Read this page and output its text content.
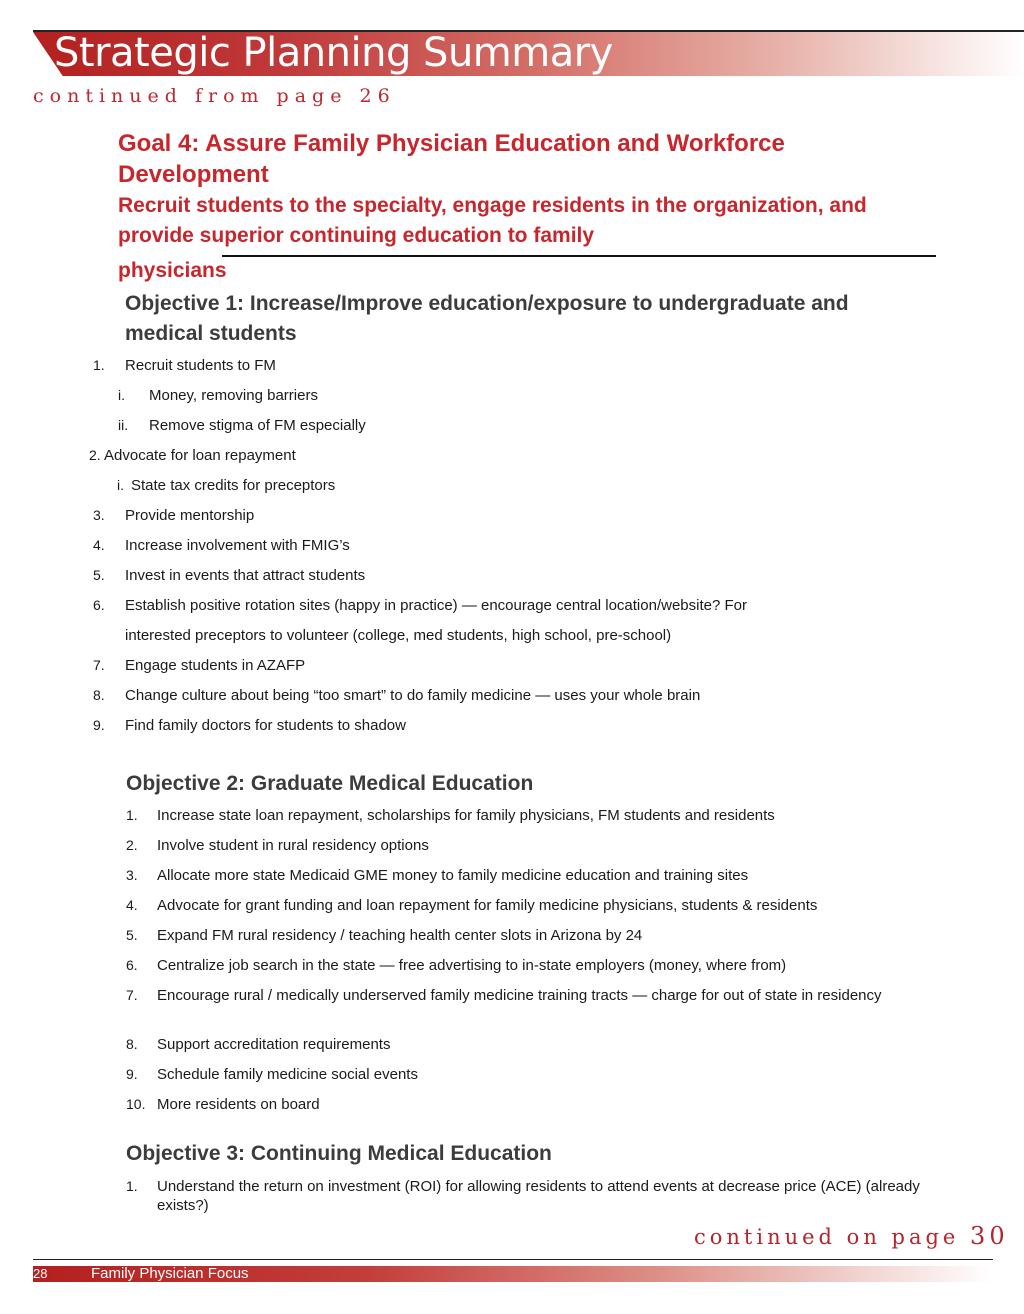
Strategic Planning Summary
continued from page 26
Goal 4: Assure Family Physician Education and Workforce Development
Recruit students to the specialty, engage residents in the organization, and provide superior continuing education to family
physicians
Objective 1: Increase/Improve education/exposure to undergraduate and medical students
1. Recruit students to FM
i. Money, removing barriers
ii. Remove stigma of FM especially
2. Advocate for loan repayment
i. State tax credits for preceptors
3. Provide mentorship
4. Increase involvement with FMIG’s
5. Invest in events that attract students
6. Establish positive rotation sites (happy in practice) — encourage central location/website? For
interested preceptors to volunteer (college, med students, high school, pre-school)
7. Engage students in AZAFP
8. Change culture about being “too smart” to do family medicine — uses your whole brain
9. Find family doctors for students to shadow
Objective 2: Graduate Medical Education
1. Increase state loan repayment, scholarships for family physicians, FM students and residents
2. Involve student in rural residency options
3. Allocate more state Medicaid GME money to family medicine education and training sites
4. Advocate for grant funding and loan repayment for family medicine physicians, students & residents
5. Expand FM rural residency / teaching health center slots in Arizona by 24
6. Centralize job search in the state — free advertising to in-state employers (money, where from)
7. Encourage rural / medically underserved family medicine training tracts — charge for out of state in residency
8. Support accreditation requirements
9. Schedule family medicine social events
10. More residents on board
Objective 3: Continuing Medical Education
1. Understand the return on investment (ROI) for allowing residents to attend events at decrease price (ACE) (already exists?)
continued on page 30
28	Family Physician Focus
